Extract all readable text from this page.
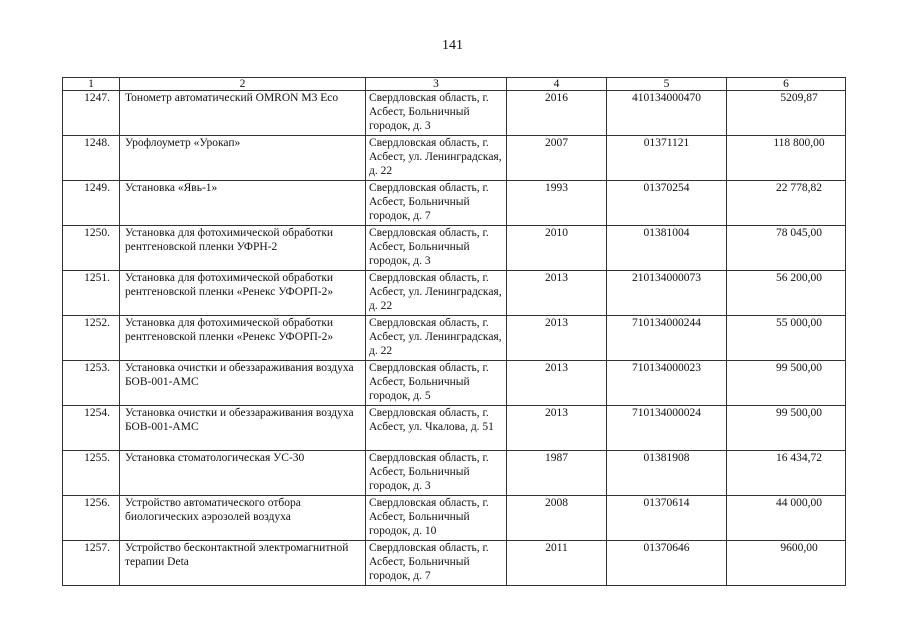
141
1	2	3	4	5	6
1247.	Тонометр автоматический OMRON M3 Eco	Свердловская область, г. Асбест, Больничный городок, д. 3	2016	410134000470	5209,87
1248.	Урофлоуметр «Урокап»	Свердловская область, г. Асбест, ул. Ленинградская, д. 22	2007	01371121	118 800,00
1249.	Установка «Явь-1»	Свердловская область, г. Асбест, Больничный городок, д. 7	1993	01370254	22 778,82
1250.	Установка для фотохимической обработки рентгеновской пленки УФРН-2	Свердловская область, г. Асбест, Больничный городок, д. 3	2010	01381004	78 045,00
1251.	Установка для фотохимической обработки рентгеновской пленки «Ренекс УФОРП-2»	Свердловская область, г. Асбест, ул. Ленинградская, д. 22	2013	210134000073	56 200,00
1252.	Установка для фотохимической обработки рентгеновской пленки «Ренекс УФОРП-2»	Свердловская область, г. Асбест, ул. Ленинградская, д. 22	2013	710134000244	55 000,00
1253.	Установка очистки и обеззараживания воздуха БОВ-001-АМС	Свердловская область, г. Асбест, Больничный городок, д. 5	2013	710134000023	99 500,00
1254.	Установка очистки и обеззараживания воздуха БОВ-001-АМС	Свердловская область, г. Асбест, ул. Чкалова, д. 51	2013	710134000024	99 500,00
1255.	Установка стоматологическая УС-30	Свердловская область, г. Асбест, Больничный городок, д. 3	1987	01381908	16 434,72
1256.	Устройство автоматического отбора биологических аэрозолей воздуха	Свердловская область, г. Асбест, Больничный городок, д. 10	2008	01370614	44 000,00
1257.	Устройство бесконтактной электромагнитной терапии Deta	Свердловская область, г. Асбест, Больничный городок, д. 7	2011	01370646	9600,00
